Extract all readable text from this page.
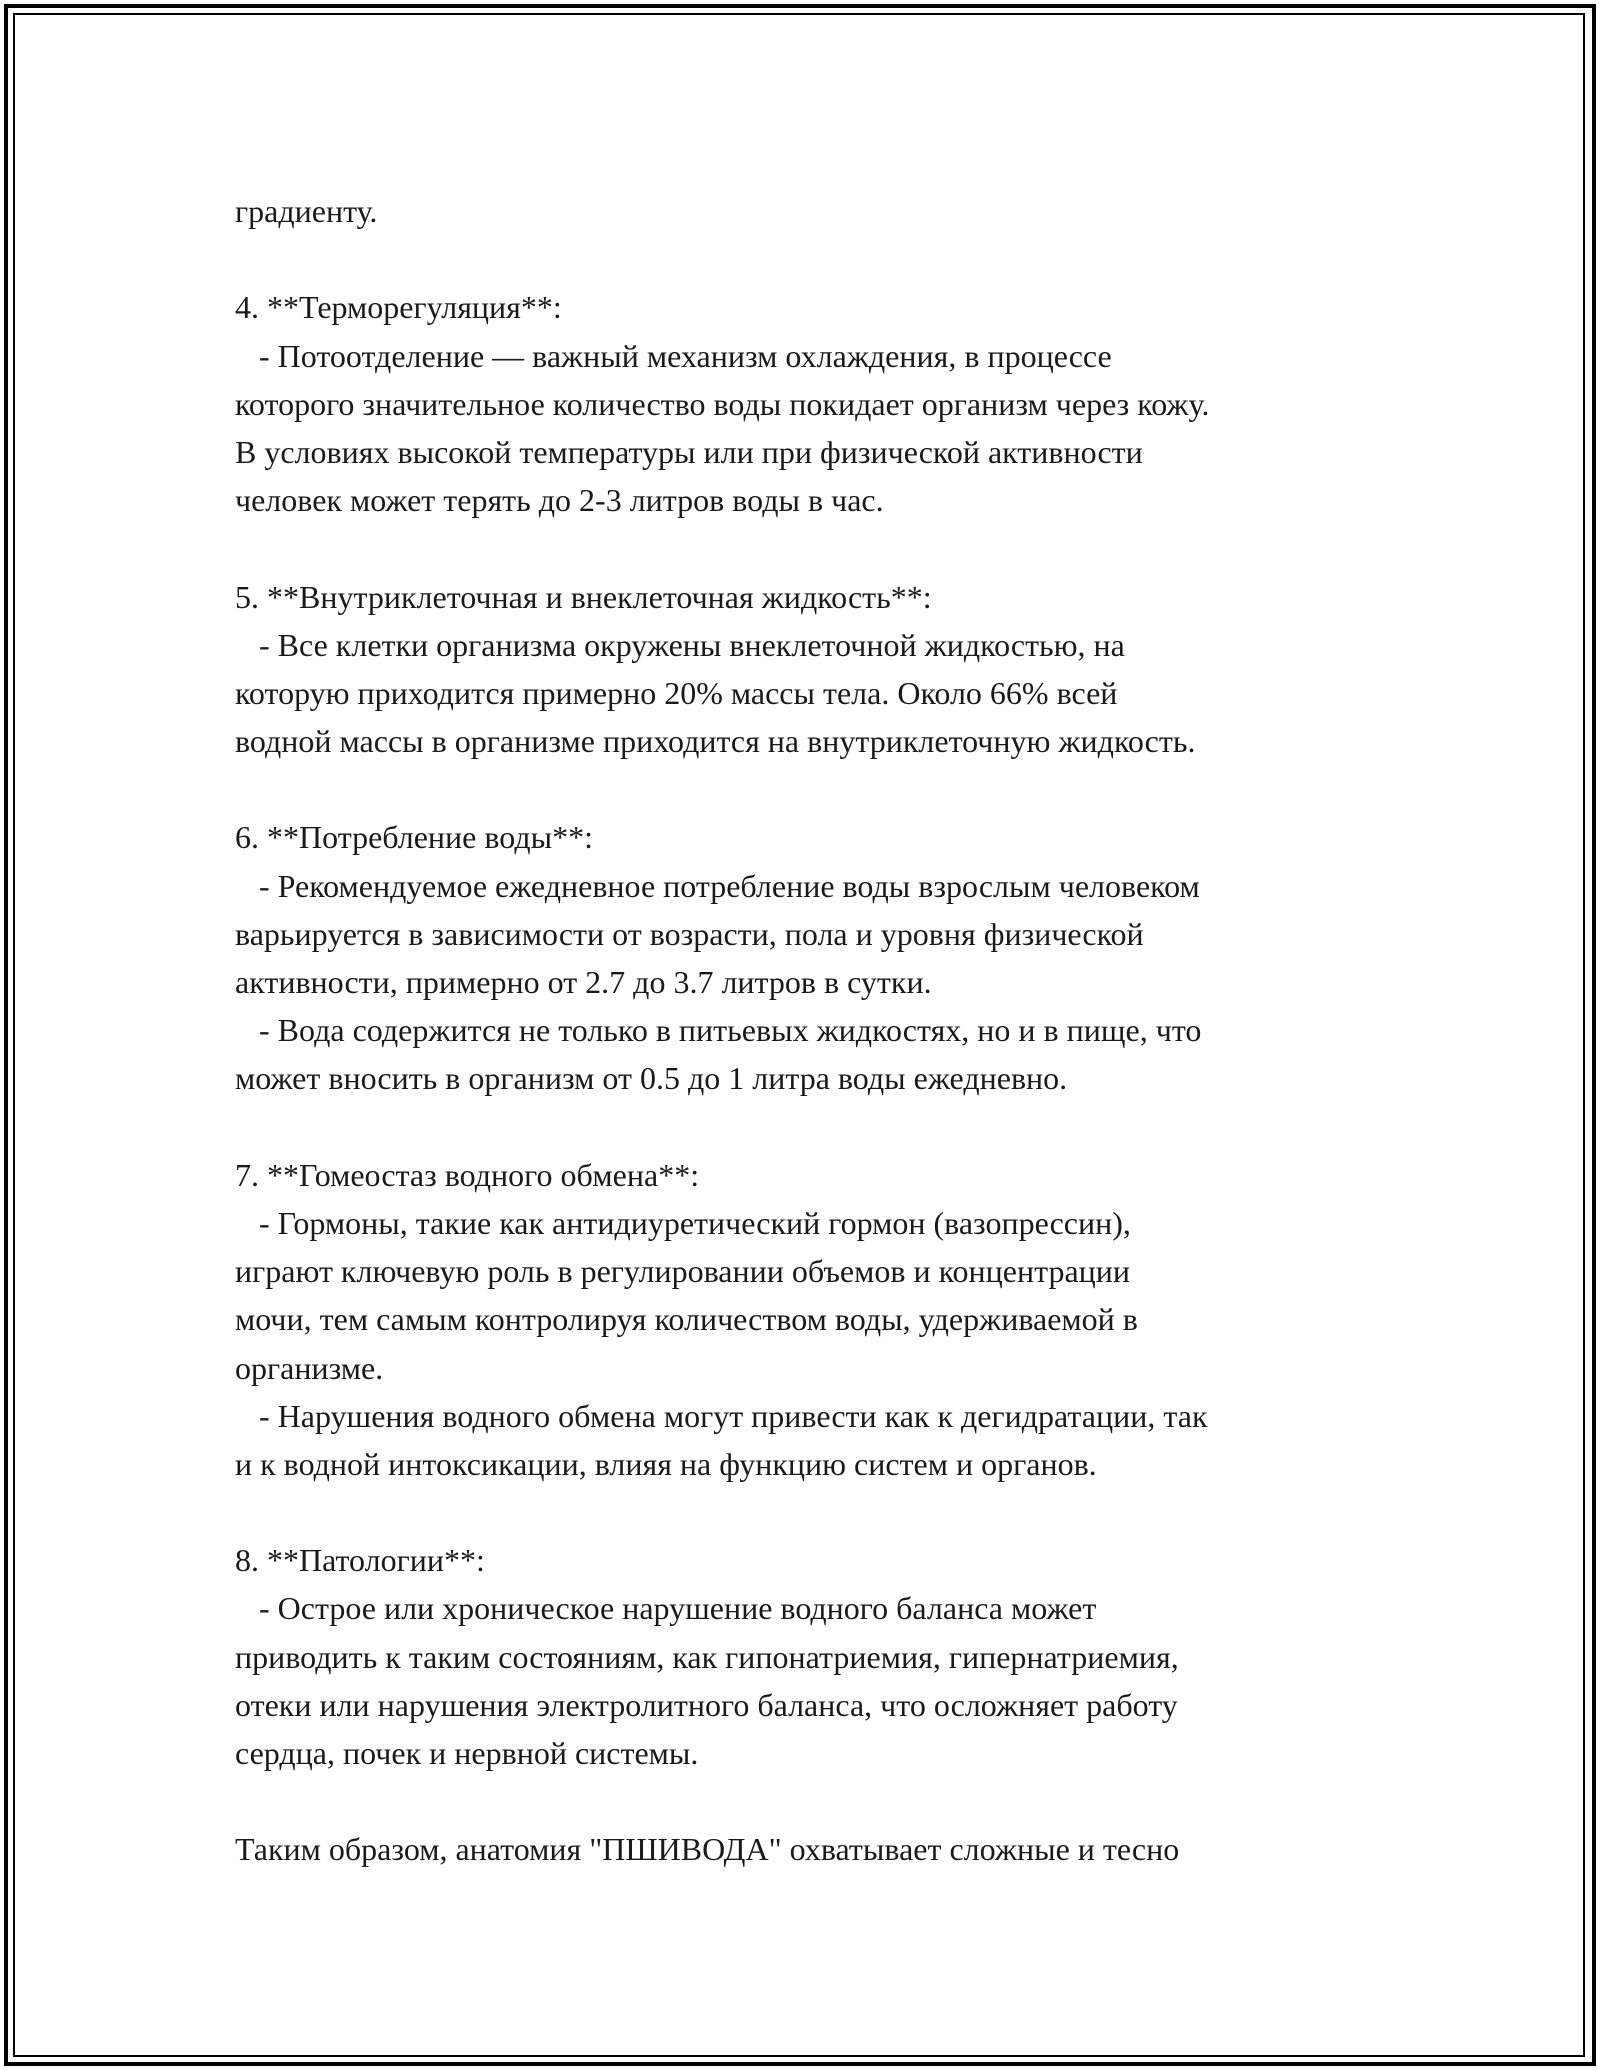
градиенту.
4. **Терморегуляция**:
- Потоотделение — важный механизм охлаждения, в процессе
которого значительное количество воды покидает организм через кожу.
В условиях высокой температуры или при физической активности
человек может терять до 2-3 литров воды в час.
5. **Внутриклеточная и внеклеточная жидкость**:
- Все клетки организма окружены внеклеточной жидкостью, на
которую приходится примерно 20% массы тела. Около 66% всей
водной массы в организме приходится на внутриклеточную жидкость.
6. **Потребление воды**:
- Рекомендуемое ежедневное потребление воды взрослым человеком
варьируется в зависимости от возрасти, пола и уровня физической
активности, примерно от 2.7 до 3.7 литров в сутки.
- Вода содержится не только в питьевых жидкостях, но и в пище, что
может вносить в организм от 0.5 до 1 литра воды ежедневно.
7. **Гомеостаз водного обмена**:
- Гормоны, такие как антидиуретический гормон (вазопрессин),
играют ключевую роль в регулировании объемов и концентрации
мочи, тем самым контролируя количеством воды, удерживаемой в
организме.
- Нарушения водного обмена могут привести как к дегидратации, так
и к водной интоксикации, влияя на функцию систем и органов.
8. **Патологии**:
- Острое или хроническое нарушение водного баланса может
приводить к таким состояниям, как гипонатриемия, гипернатриемия,
отеки или нарушения электролитного баланса, что осложняет работу
сердца, почек и нервной системы.
Таким образом, анатомия "ПШИВОДА" охватывает сложные и тесно
